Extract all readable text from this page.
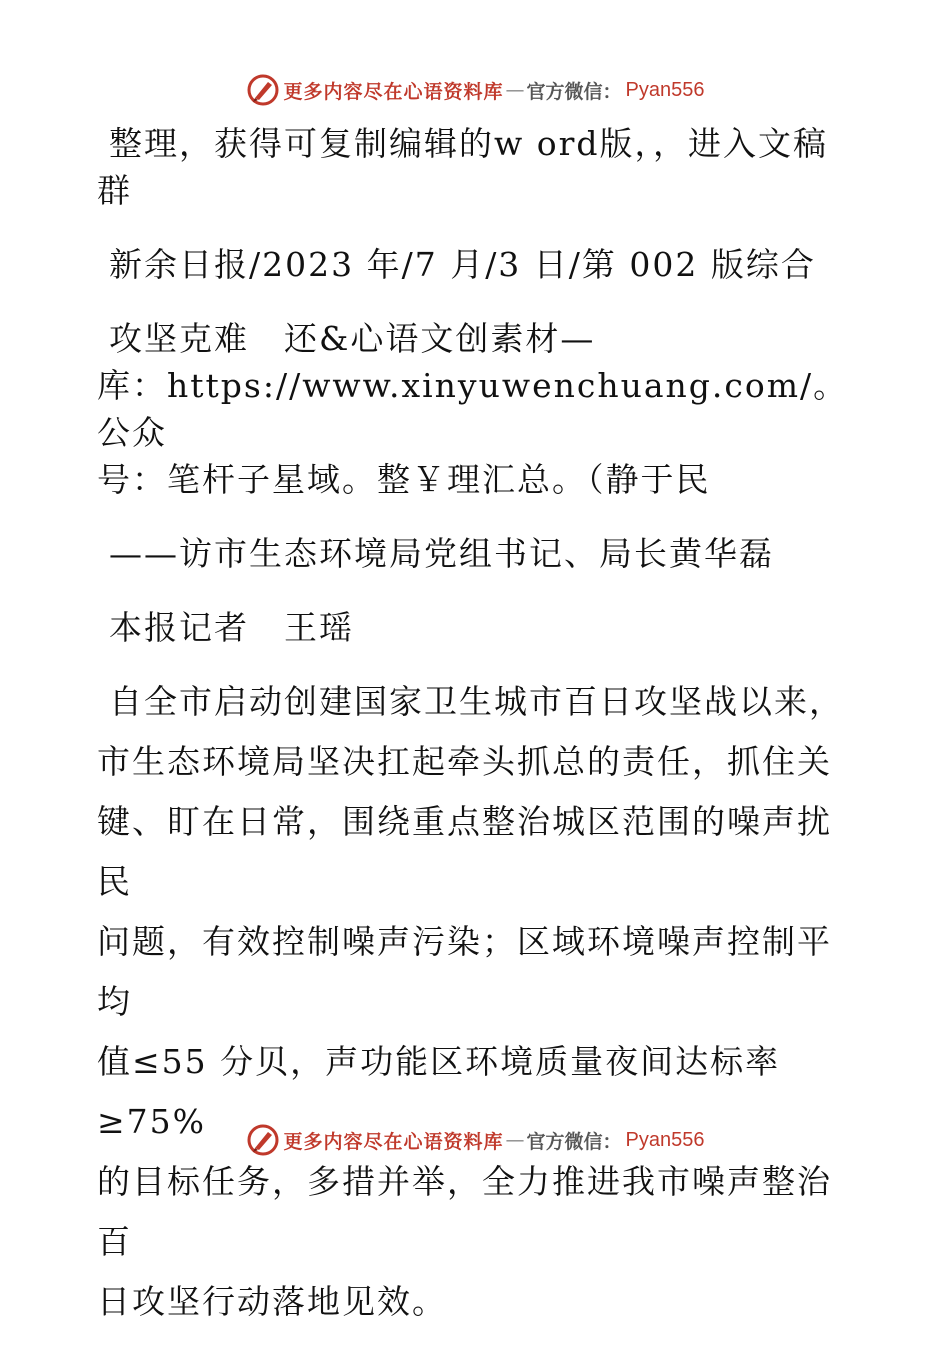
更多内容尽在心语资料库 — 官方微信： Pyan556

整理，获得可复制编辑的w ord版，，进入文稿

群

新余日报/2023 年/7 月/3 日/第 002 版综合

攻坚克难　还&心语文创素材—

库：https://www.xinyuwenchuang.com/。公众

号：笔杆子星域。整￥理汇总。（静于民

——访市生态环境局党组书记、局长黄华磊

本报记者　王瑶

自全市启动创建国家卫生城市百日攻坚战以来，

市生态环境局坚决扛起牵头抓总的责任，抓住关

键、盯在日常，围绕重点整治城区范围的噪声扰民

问题，有效控制噪声污染；区域环境噪声控制平均

值≤55 分贝，声功能区环境质量夜间达标率≥75%

的目标任务，多措并举，全力推进我市噪声整治百

日攻坚行动落地见效。

更多内容尽在心语资料库 — 官方微信： Pyan556
